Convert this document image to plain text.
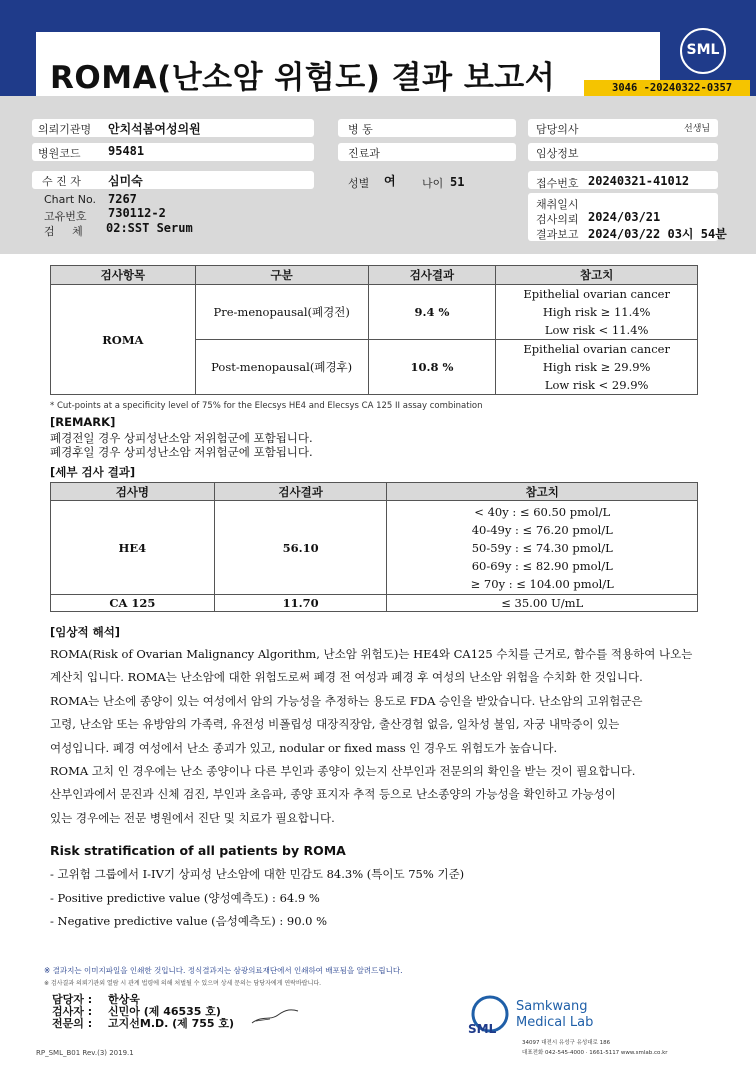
ROMA(난소암 위험도) 결과 보고서
SML
3046 -20240322-0357
의뢰기관명 안치석봄여성의원	병 동	담당의사	선생님
병원코드 95481	진료과	임상정보
수 진 자 심미숙	성별 여 나이 51	접수번호 20240321-41012
Chart No. 7267
고유번호 730112-2
검 체 02:SST Serum
채취일시
검사의뢰 2024/03/21
결과보고 2024/03/22 03시 54분
검사항목	구분	검사결과	참고치
ROMA	Pre-menopausal(폐경전)	9.4 %	Epithelial ovarian cancer
High risk ≥ 11.4%
Low risk < 11.4%

	Post-menopausal(폐경후)	10.8 %	Epithelial ovarian cancer
High risk ≥ 29.9%
Low risk < 29.9%
* Cut-points at a specificity level of 75% for the Elecsys HE4 and Elecsys CA 125 II assay combination
[REMARK]
폐경전일 경우 상피성난소암 저위험군에 포함됩니다.
폐경후일 경우 상피성난소암 저위험군에 포함됩니다.
[세부 검사 결과]
검사명	검사결과	참고치
HE4	56.10	< 40y : ≤ 60.50 pmol/L
40-49y : ≤ 76.20 pmol/L
50-59y : ≤ 74.30 pmol/L
60-69y : ≤ 82.90 pmol/L
≥ 70y : ≤ 104.00 pmol/L

CA 125	11.70	≤ 35.00 U/mL
[임상적 해석]
ROMA(Risk of Ovarian Malignancy Algorithm, 난소암 위험도)는 HE4와 CA125 수치를 근거로, 함수를 적용하여 나오는
계산치 입니다. ROMA는 난소암에 대한 위험도로써 폐경 전 여성과 폐경 후 여성의 난소암 위험을 수치화 한 것입니다.
ROMA는 난소에 종양이 있는 여성에서 암의 가능성을 추정하는 용도로 FDA 승인을 받았습니다. 난소암의 고위험군은
고령, 난소암 또는 유방암의 가족력, 유전성 비폴립성 대장직장암, 출산경험 없음, 일차성 불임, 자궁 내막증이 있는
여성입니다. 폐경 여성에서 난소 종괴가 있고, nodular or fixed mass 인 경우도 위험도가 높습니다.
ROMA 고치 인 경우에는 난소 종양이나 다른 부인과 종양이 있는지 산부인과 전문의의 확인을 받는 것이 필요합니다.
산부인과에서 문진과 신체 검진, 부인과 초음파, 종양 표지자 추적 등으로 난소종양의 가능성을 확인하고 가능성이
있는 경우에는 전문 병원에서 진단 및 치료가 필요합니다.
Risk stratification of all patients by ROMA
- 고위험 그룹에서 I-IV기 상피성 난소암에 대한 민감도 84.3% (특이도 75% 기준)
- Positive predictive value (양성예측도) : 64.9 %
- Negative predictive value (음성예측도) : 90.0 %
※ 결과지는 이미지파일을 인쇄한 것입니다. 정식결과지는 삼광의료재단에서 인쇄하여 배포됨을 알려드립니다.
※ 검사결과 의뢰기관외 열람 시 관계 법령에 의해 처벌될 수 있으며 상세 문의는 담당자에게 연락바랍니다.
담당자 : 한상욱
검사자 : 신민아 (제 46535 호)
전문의 : 고지선M.D. (제 755 호)	SML
Samkwang
Medical Lab
34097 대전시 유성구 유성대로 186
대표전화 042-545-4000 · 1661-5117 www.smlab.co.kr
RP_SML_B01 Rev.(3) 2019.1
